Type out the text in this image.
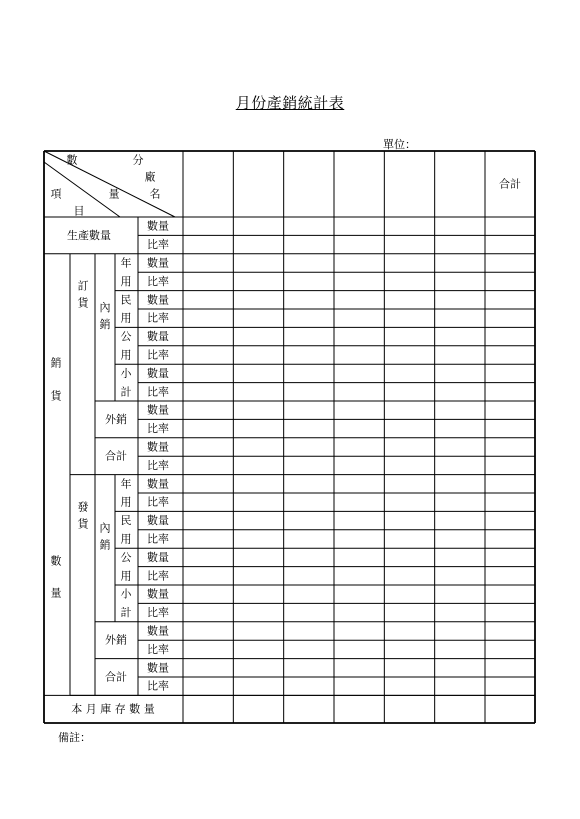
月份產銷統計表
單位：
數	分
廠
名
項	量
目
合計
生產數量
數量
比率
銷
貨
數
量
訂
貨 內
銷
年
用
數量
比率
民
用
數量
比率
公
用
數量
比率
小
計
數量
比率
外銷
數量
比率
合計
數量
比率
發
貨 內
銷
年
用
數量
比率
民
用
數量
比率
公
用
數量
比率
小
計
數量
比率
外銷
數量
比率
合計
數量
比率
本 月 庫 存 數 量
備註：
